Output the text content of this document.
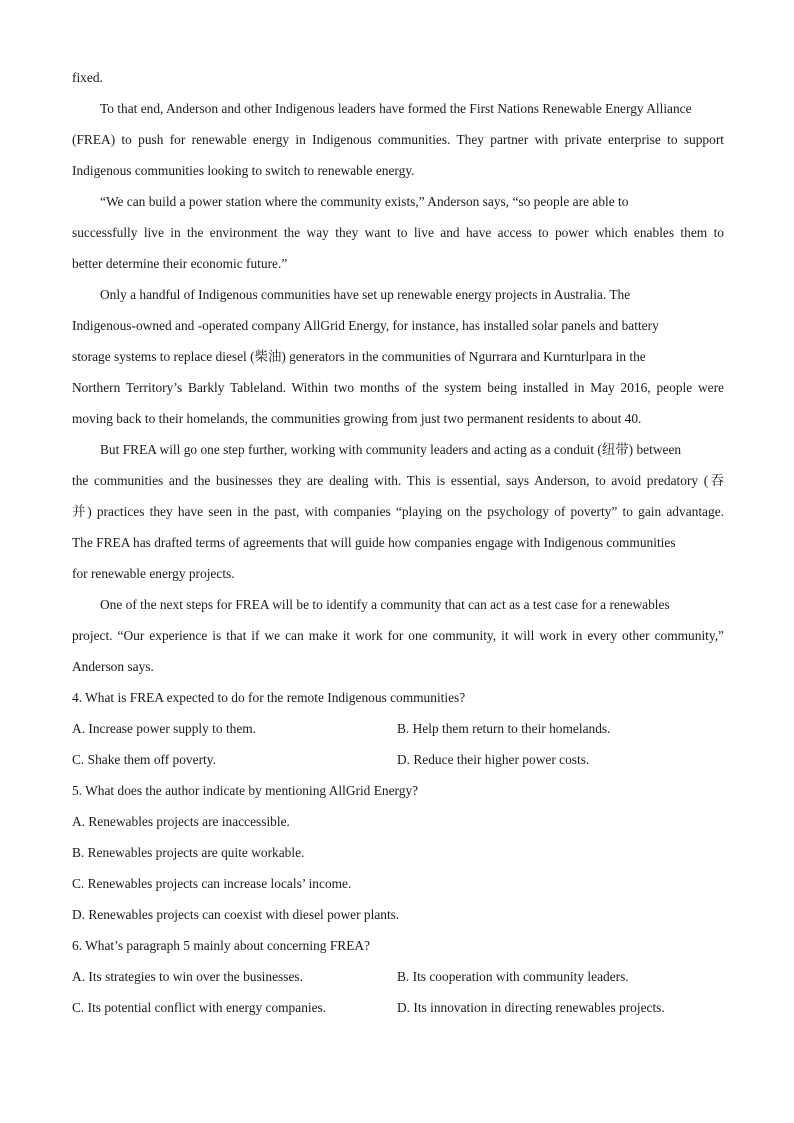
fixed.
To that end, Anderson and other Indigenous leaders have formed the First Nations Renewable Energy Alliance
(FREA) to push for renewable energy in Indigenous communities. They partner with private enterprise to support
Indigenous communities looking to switch to renewable energy.
“We can build a power station where the community exists,” Anderson says, “so people are able to
successfully live in the environment the way they want to live and have access to power which enables them to
better determine their economic future.”
Only a handful of Indigenous communities have set up renewable energy projects in Australia. The
Indigenous-owned and -operated company AllGrid Energy, for instance, has installed solar panels and battery
storage systems to replace diesel (柴油) generators in the communities of Ngurrara and Kurnturlpara in the
Northern Territory’s Barkly Tableland. Within two months of the system being installed in May 2016, people were
moving back to their homelands, the communities growing from just two permanent residents to about 40.
But FREA will go one step further, working with community leaders and acting as a conduit (纽带) between
the communities and the businesses they are dealing with. This is essential, says Anderson, to avoid predatory (吞
并) practices they have seen in the past, with companies “playing on the psychology of poverty” to gain advantage.
The FREA has drafted terms of agreements that will guide how companies engage with Indigenous communities
for renewable energy projects.
One of the next steps for FREA will be to identify a community that can act as a test case for a renewables
project. “Our experience is that if we can make it work for one community, it will work in every other community,”
Anderson says.
4. What is FREA expected to do for the remote Indigenous communities?
A. Increase power supply to them.	B. Help them return to their homelands.
C. Shake them off poverty.	D. Reduce their higher power costs.
5. What does the author indicate by mentioning AllGrid Energy?
A. Renewables projects are inaccessible.
B. Renewables projects are quite workable.
C. Renewables projects can increase locals’ income.
D. Renewables projects can coexist with diesel power plants.
6. What’s paragraph 5 mainly about concerning FREA?
A. Its strategies to win over the businesses.	B. Its cooperation with community leaders.
C. Its potential conflict with energy companies.	D. Its innovation in directing renewables projects.
